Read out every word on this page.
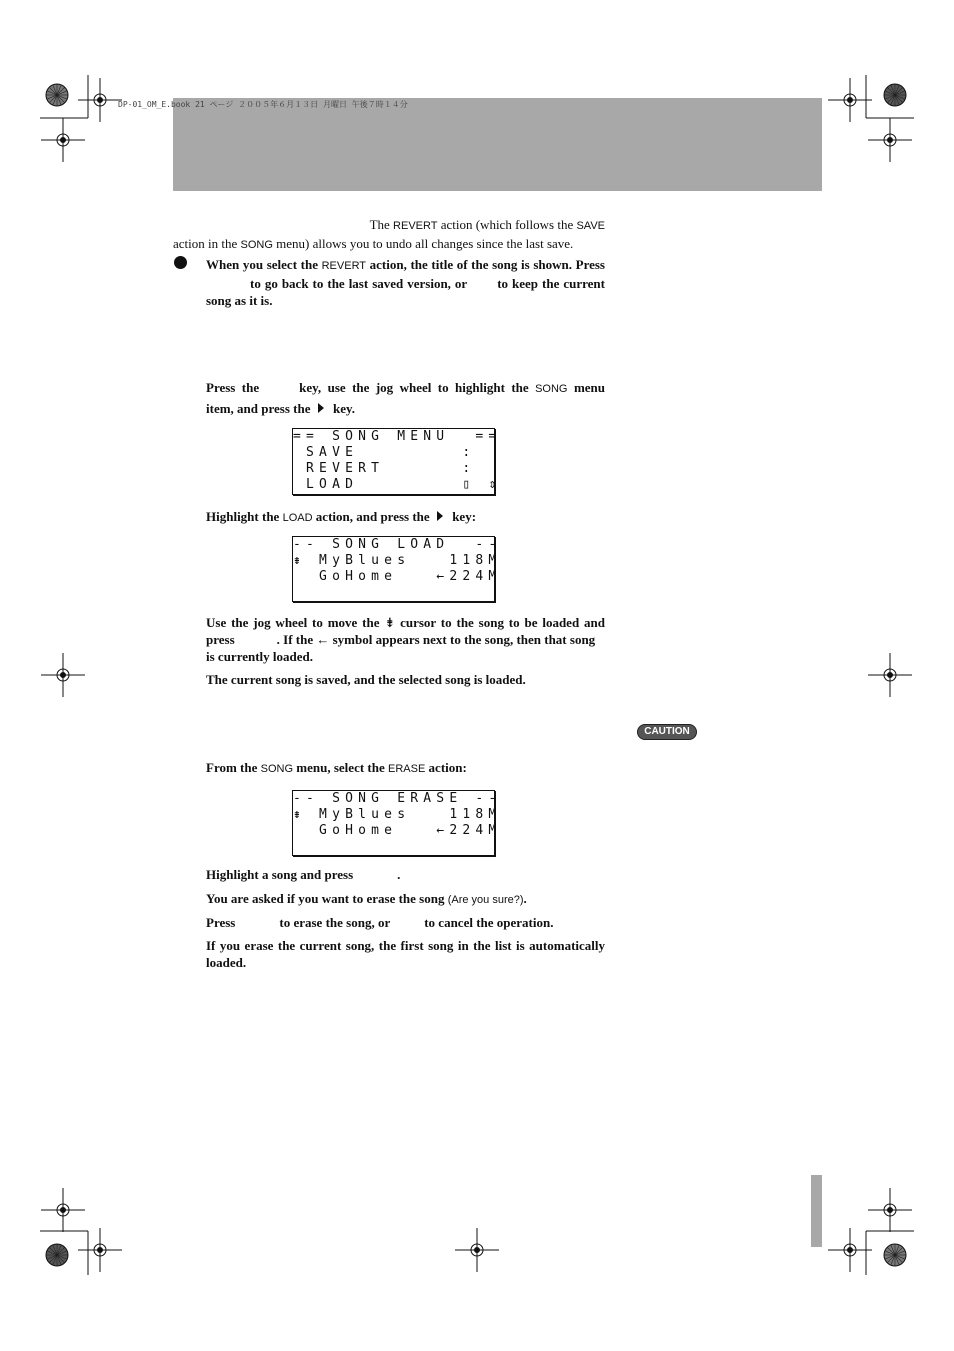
DP-01_OM_E.book 21 ページ ２００５年６月１３日 月曜日 午後７時１４分
The REVERT action (which follows the SAVE
action in the SONG menu) allows you to undo all changes since the last save.
When you select the REVERT action, the title of the song is shown. Press
to go back to the last saved version, or to keep the current
song as it is.
Press the	key, use the jog wheel to highlight the SONG menu
item, and press the key.
== SONG MENU  ==
SAVE        :
REVERT      :
LOAD        ▯ ⇕
Highlight the LOAD action, and press the key:
-- SONG LOAD  --
⇟ MyBlues   118M
GoHome   ←224M
Use the jog wheel to move the ⇟ cursor to the song to be loaded and
press	. If the ← symbol appears next to the song, then that song
is currently loaded.
The current song is saved, and the selected song is loaded.
CAUTION
From the SONG menu, select the ERASE action:
-- SONG ERASE --
⇟ MyBlues   118M
GoHome   ←224M
Highlight a song and press	.
You are asked if you want to erase the song (Are you sure?).
Press	to erase the song, or	to cancel the operation.
If you erase the current song, the first song in the list is automatically
loaded.
